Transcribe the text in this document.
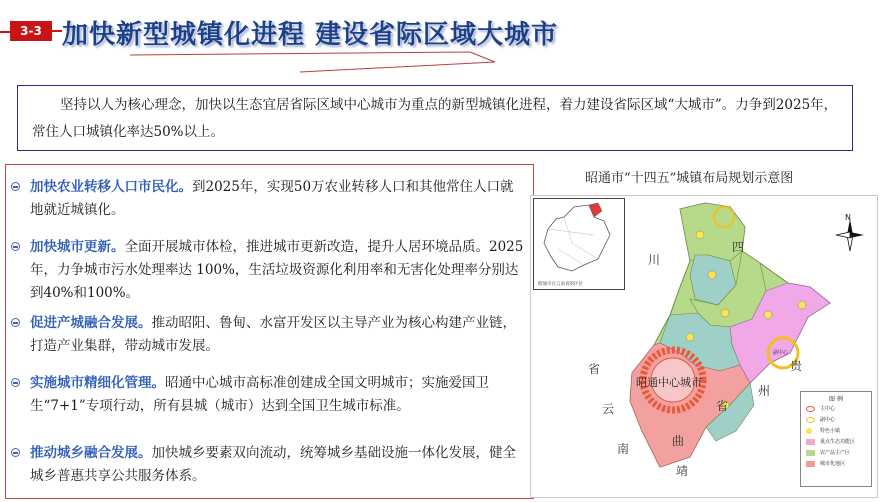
3-3 加快新型城镇化进程 建设省际区域大城市

坚持以人为核心理念，加快以生态宜居省际区域中心城市为重点的新型城镇化进程，着力建设省际区域“大城市”。力争到2025年，常住人口城镇化率达50%以上。

加快农业转移人口市民化。到2025年，实现50万农业转移人口和其他常住人口就地就近城镇化。
加快城市更新。全面开展城市体检，推进城市更新改造，提升人居环境品质。2025年，力争城市污水处理率达 100%，生活垃圾资源化利用率和无害化处理率分别达到40%和100%。
促进产城融合发展。推动昭阳、鲁甸、水富开发区以主导产业为核心构建产业链，打造产业集群，带动城市发展。
实施城市精细化管理。昭通中心城市高标准创建成全国文明城市；实施爱国卫生“7+1”专项行动，所有县城（城市）达到全国卫生城市标准。
推动城乡融合发展。加快城乡要素双向流动，统筹城乡基础设施一体化发展，健全城乡普惠共享公共服务体系。
昭通市“十四五”城镇布局规划示意图
昭通市在云南省的区位
四
川
省	贵
州
省
云
南
曲
靖
N
昭通中心城市
副中心
图 例
主中心
副中心
特色小镇
重点生态功能区
农产品主产区
城市化地区
